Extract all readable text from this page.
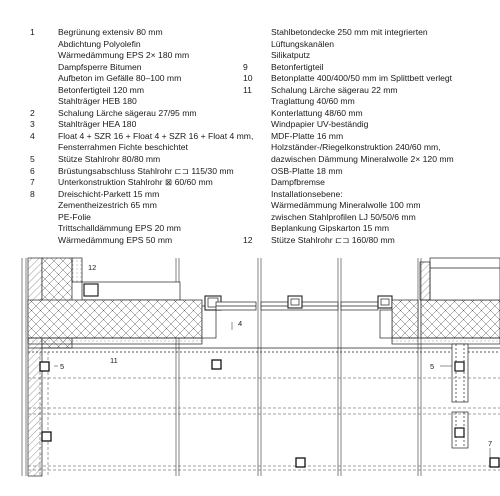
1	Begrünung extensiv 80 mm
Abdichtung Polyolefin
Wärmedämmung EPS 2× 180 mm
Dampfsperre Bitumen
Aufbeton im Gefälle 80–100 mm
Betonfertigteil 120 mm
Stahlträger HEB 180
2	Schalung Lärche sägerau 27/95 mm
3	Stahlträger HEA 180
4	Float 4 + SZR 16 + Float 4 + SZR 16 + Float 4 mm,
Fensterrahmen Fichte beschichtet
5	Stütze Stahlrohr 80/80 mm
6	Brüstungsabschluss Stahlrohr ⊏⊐ 115/30 mm
7	Unterkonstruktion Stahlrohr ⊠ 60/60 mm
8	Dreischicht-Parkett 15 mm
Zementheizestrich 65 mm
PE-Folie
Trittschalldämmung EPS 20 mm
Wärmedämmung EPS 50 mm
Stahlbetondecke 250 mm mit integrierten
Lüftungskanälen
Silikatputz
9	Betonfertigteil
10	Betonplatte 400/400/50 mm im Splittbett verlegt
11	Schalung Lärche sägerau 22 mm
Traglattung 40/60 mm
Konterlattung 48/60 mm
Windpapier UV-beständig
MDF-Platte 16 mm
Holzständer-/Riegelkonstruktion 240/60 mm,
dazwischen Dämmung Mineralwolle 2× 120 mm
OSB-Platte 18 mm
Dampfbremse
Installationsebene:
Wärmedämmung Mineralwolle 100 mm
zwischen Stahlprofilen LJ 50/50/6 mm
Beplankung Gipskarton 15 mm
12	Stütze Stahlrohr ⊏⊐ 160/80 mm
12
4
11
5	5
7
